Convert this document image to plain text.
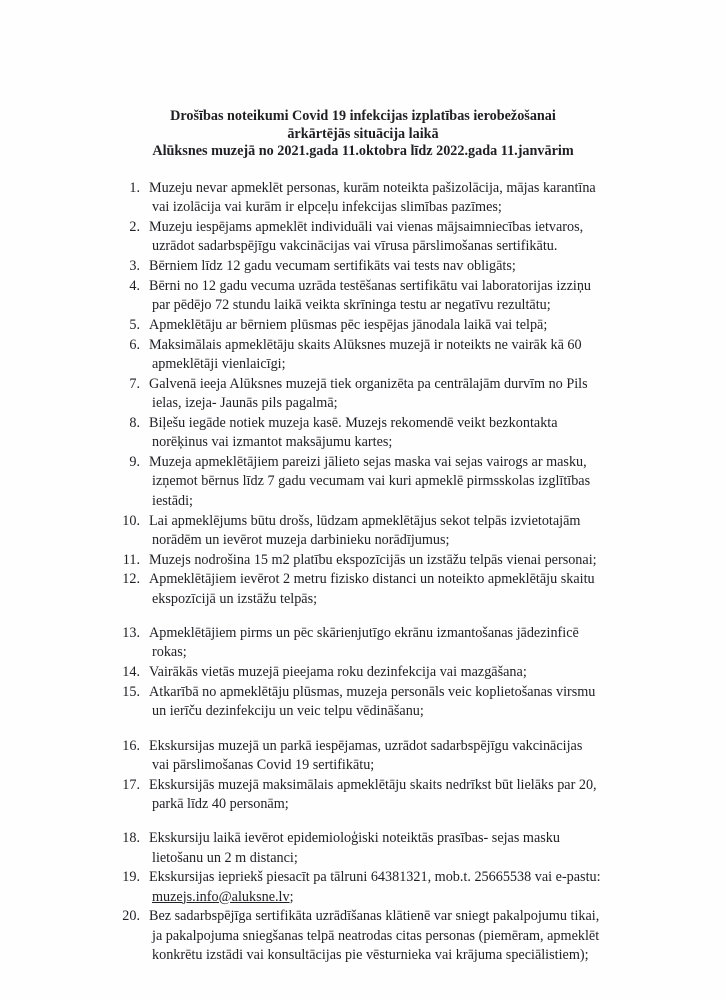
Drošības noteikumi Covid 19 infekcijas izplatības ierobežošanai
ārkārtējās situācija laikā
Alūksnes muzejā no 2021.gada 11.oktobra līdz 2022.gada 11.janvārim
1. Muzeju nevar apmeklēt personas, kurām noteikta pašizolācija, mājas karantīna
vai izolācija vai kurām ir elpceļu infekcijas slimības pazīmes;
2. Muzeju iespējams apmeklēt individuāli vai vienas mājsaimniecības ietvaros,
uzrādot sadarbspējīgu vakcinācijas vai vīrusa pārslimošanas sertifikātu.
3. Bērniem līdz 12 gadu vecumam sertifikāts vai tests nav obligāts;
4. Bērni no 12 gadu vecuma uzrāda testēšanas sertifikātu vai laboratorijas izziņu
par pēdējo 72 stundu laikā veikta skrīninga testu ar negatīvu rezultātu;
5. Apmeklētāju ar bērniem plūsmas pēc iespējas jānodala laikā vai telpā;
6. Maksimālais apmeklētāju skaits Alūksnes muzejā ir noteikts ne vairāk kā 60
apmeklētāji vienlaicīgi;
7. Galvenā ieeja Alūksnes muzejā tiek organizēta pa centrālajām durvīm no Pils
ielas, izeja- Jaunās pils pagalmā;
8. Biļešu iegāde notiek muzeja kasē. Muzejs rekomendē veikt bezkontakta
norēķinus vai izmantot maksājumu kartes;
9. Muzeja apmeklētājiem pareizi jālieto sejas maska vai sejas vairogs ar masku,
izņemot bērnus līdz 7 gadu vecumam vai kuri apmeklē pirmsskolas izglītības
iestādi;
10. Lai apmeklējums būtu drošs, lūdzam apmeklētājus sekot telpās izvietotajām
norādēm un ievērot muzeja darbinieku norādījumus;
11. Muzejs nodrošina 15 m2 platību ekspozīcijās un izstāžu telpās vienai personai;
12. Apmeklētājiem ievērot 2 metru fizisko distanci un noteikto apmeklētāju skaitu
ekspozīcijā un izstāžu telpās;
13. Apmeklētājiem pirms un pēc skārienjutīgo ekrānu izmantošanas jādezinficē
rokas;
14. Vairākās vietās muzejā pieejama roku dezinfekcija vai mazgāšana;
15. Atkarībā no apmeklētāju plūsmas, muzeja personāls veic koplietošanas virsmu
un ierīču dezinfekciju un veic telpu vēdināšanu;
16. Ekskursijas muzejā un parkā iespējamas, uzrādot sadarbspējīgu vakcinācijas
vai pārslimošanas Covid 19 sertifikātu;
17. Ekskursijās muzejā maksimālais apmeklētāju skaits nedrīkst būt lielāks par 20,
parkā līdz 40 personām;
18. Ekskursiju laikā ievērot epidemioloģiski noteiktās prasības- sejas masku
lietošanu un 2 m distanci;
19. Ekskursijas iepriekš piesacīt pa tālruni 64381321, mob.t. 25665538 vai e-pastu:
muzejs.info@aluksne.lv;
20. Bez sadarbspējīga sertifikāta uzrādīšanas klātienē var sniegt pakalpojumu tikai,
ja pakalpojuma sniegšanas telpā neatrodas citas personas (piemēram, apmeklēt
konkrētu izstādi vai konsultācijas pie vēsturnieka vai krājuma speciālistiem);
